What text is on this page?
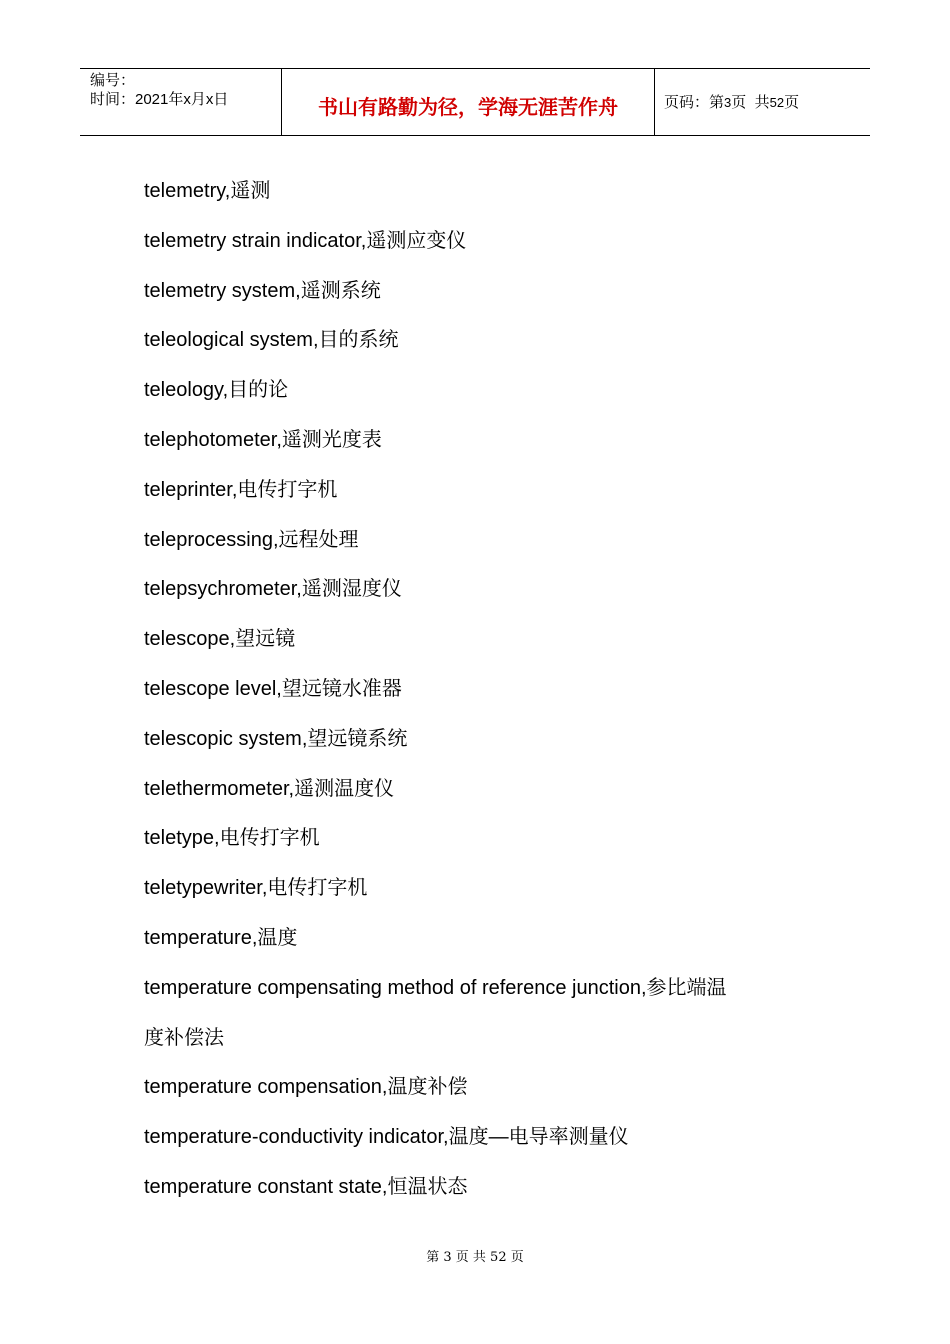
编号：
时间：2021年x月x日	书山有路勤为径，学海无涯苦作舟	页码：第3页  共52页
telemetry,遥测
telemetry strain indicator,遥测应变仪
telemetry system,遥测系统
teleological system,目的系统
teleology,目的论
telephotometer,遥测光度表
teleprinter,电传打字机
teleprocessing,远程处理
telepsychrometer,遥测湿度仪
telescope,望远镜
telescope level,望远镜水准器
telescopic system,望远镜系统
telethermometer,遥测温度仪
teletype,电传打字机
teletypewriter,电传打字机
temperature,温度
temperature compensating method of reference junction,参比端温
度补偿法
temperature compensation,温度补偿
temperature-conductivity indicator,温度—电导率测量仪
temperature constant state,恒温状态
第 3 页 共 52 页
